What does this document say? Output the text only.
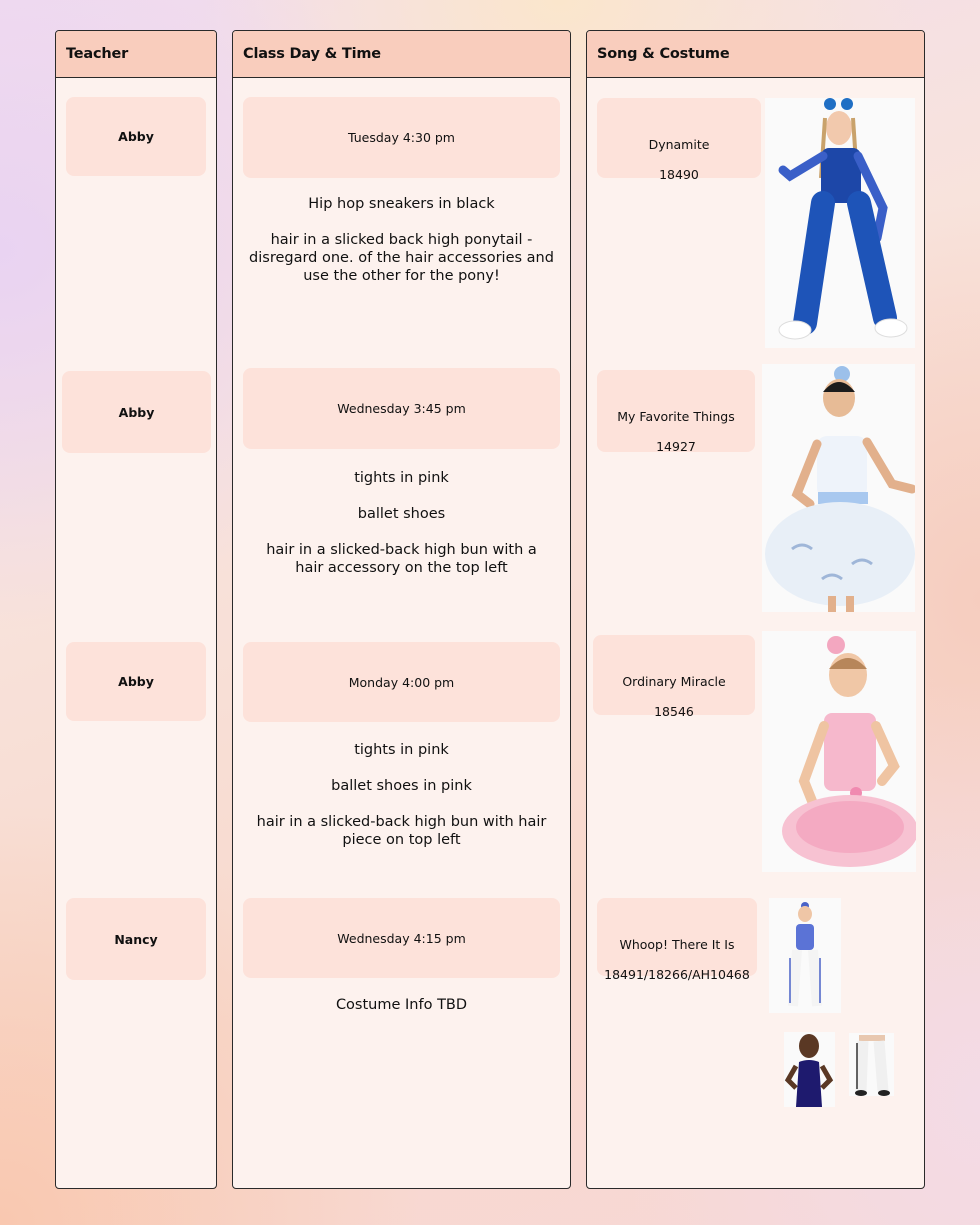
Teacher
Abby
Abby
Abby
Nancy
Class Day & Time

Hip hop sneakers in black

hair in a slicked back high ponytail - disregard one. of the hair accessories and use the other for the pony!

tights in pink

ballet shoes

hair in a slicked-back high bun with a hair accessory on the top left

tights in pink

ballet shoes in pink

hair in a slicked-back high bun with hair piece on top left

Costume Info TBD

Tuesday 4:30 pm
Wednesday 3:45 pm
Monday 4:00 pm
Wednesday 4:15 pm
Song & Costume

Dynamite

18490

My Favorite Things

14927

Ordinary Miracle

18546

Whoop! There It Is

18491/18266/AH10468
